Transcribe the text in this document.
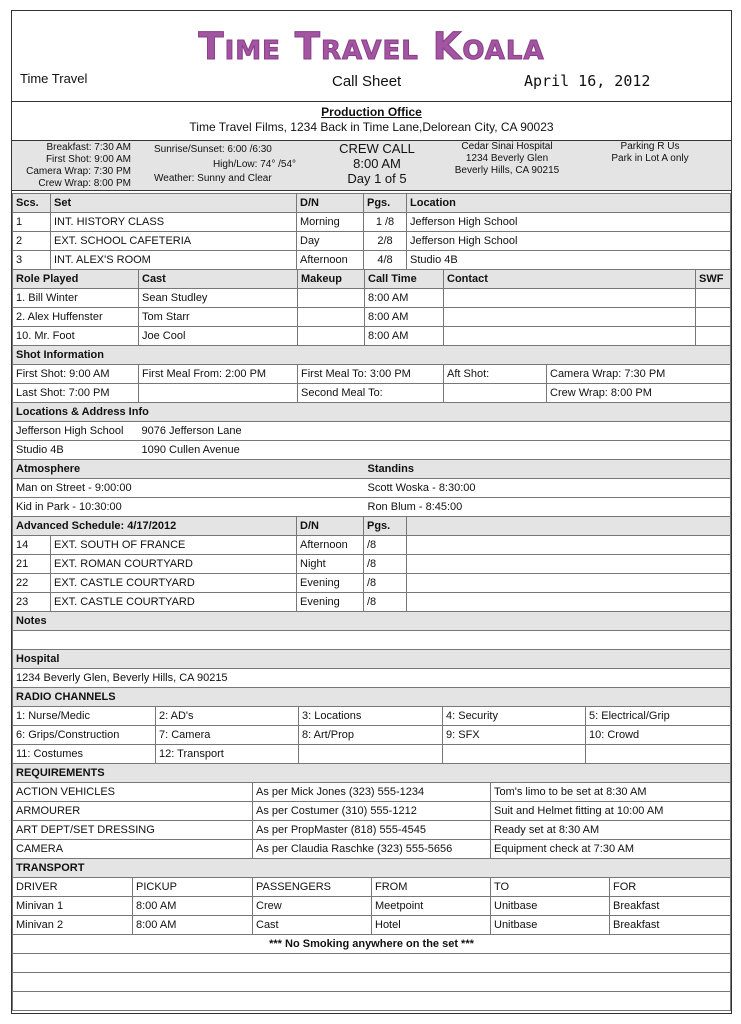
Time Travel Koala
Time Travel	Call Sheet	April 16, 2012
Production Office
Time Travel Films, 1234 Back in Time Lane,Delorean City, CA 90023
Breakfast: 7:30 AM
First Shot: 9:00 AM
Camera Wrap: 7:30 PM
Crew Wrap: 8:00 PM
Sunrise/Sunset: 6:00 /6:30
High/Low: 74° /54°
Weather: Sunny and Clear
CREW CALL
8:00 AM
Day 1 of 5
Cedar Sinai Hospital
1234 Beverly Glen
Beverly Hills, CA 90215
Parking R Us
Park in Lot A only
Scs.	Set	D/N	Pgs.	Location
1	INT. HISTORY CLASS	Morning	1 /8	Jefferson High School
2	EXT. SCHOOL CAFETERIA	Day	2/8	Jefferson High School
3	INT. ALEX'S ROOM	Afternoon	4/8	Studio 4B
Role Played	Cast	Makeup	Call Time	Contact	SWF
1. Bill Winter	Sean Studley		8:00 AM		
2. Alex Huffenster	Tom Starr		8:00 AM		
10. Mr. Foot	Joe Cool		8:00 AM		
Shot Information				
First Shot: 9:00 AM	First Meal From: 2:00 PM	First Meal To: 3:00 PM	Aft Shot:	Camera Wrap: 7:30 PM
Last Shot: 7:00 PM		Second Meal To:		Crew Wrap: 8:00 PM
Locations & Address Info	
Jefferson High School	9076 Jefferson Lane
Studio 4B	1090 Cullen Avenue
Atmosphere	Standins
Man on Street - 9:00:00	Scott Woska - 8:30:00
Kid in Park - 10:30:00	Ron Blum - 8:45:00
Advanced Schedule: 4/17/2012		D/N	Pgs.	
14	EXT. SOUTH OF FRANCE	Afternoon	/8	
21	EXT. ROMAN COURTYARD	Night	/8	
22	EXT. CASTLE COURTYARD	Evening	/8	
23	EXT. CASTLE COURTYARD	Evening	/8	
Notes

Hospital
1234 Beverly Glen, Beverly Hills, CA 90215
RADIO CHANNELS				
1: Nurse/Medic	2: AD's	3: Locations	4: Security	5: Electrical/Grip
6: Grips/Construction	7: Camera	8: Art/Prop	9: SFX	10: Crowd
11: Costumes	12: Transport			
REQUIREMENTS		
ACTION VEHICLES	As per Mick Jones (323) 555-1234	Tom's limo to be set at 8:30 AM
ARMOURER	As per Costumer (310) 555-1212	Suit and Helmet fitting at 10:00 AM
ART DEPT/SET DRESSING	As per PropMaster (818) 555-4545	Ready set at 8:30 AM
CAMERA	As per Claudia Raschke (323) 555-5656	Equipment check at 7:30 AM
TRANSPORT					
DRIVER	PICKUP	PASSENGERS	FROM	TO	FOR
Minivan 1	8:00 AM	Crew	Meetpoint	Unitbase	Breakfast
Minivan 2	8:00 AM	Cast	Hotel	Unitbase	Breakfast
*** No Smoking anywhere on the set ***
